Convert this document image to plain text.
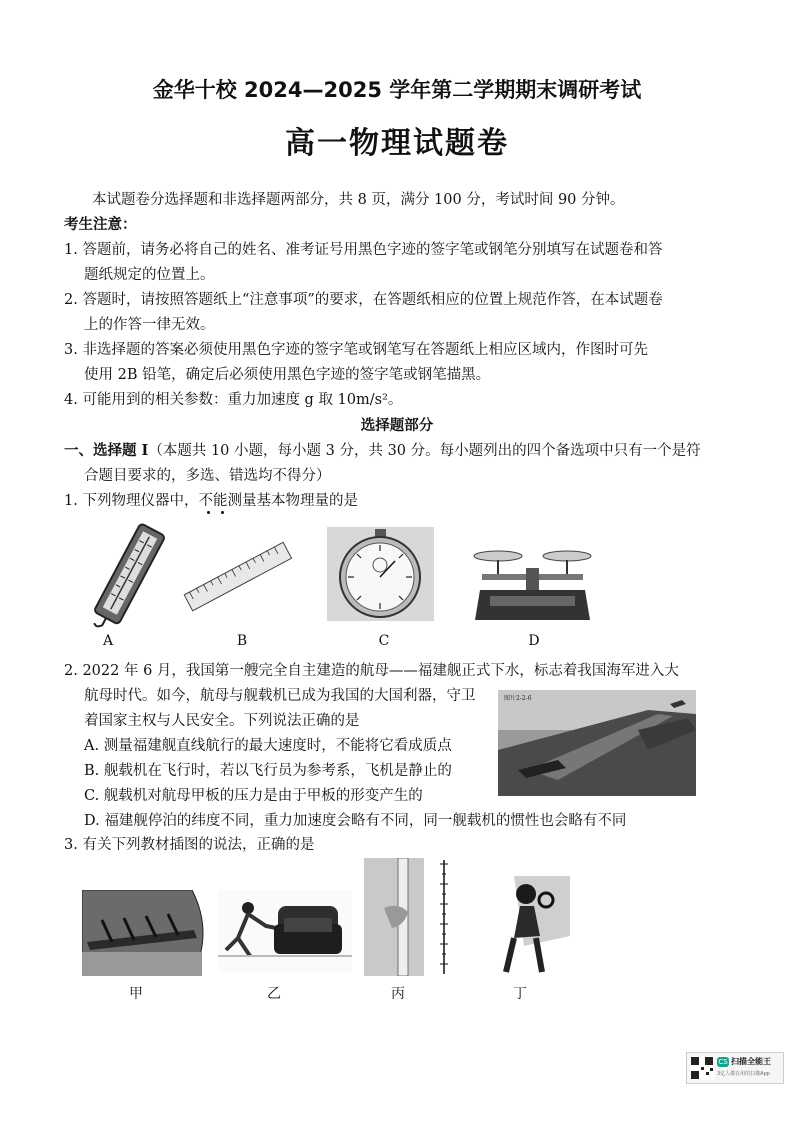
金华十校 2024—2025 学年第二学期期末调研考试
高一物理试题卷
本试题卷分选择题和非选择题两部分，共 8 页，满分 100 分，考试时间 90 分钟。
考生注意：
1. 答题前，请务必将自己的姓名、准考证号用黑色字迹的签字笔或钢笔分别填写在试题卷和答
题纸规定的位置上。
2. 答题时，请按照答题纸上“注意事项”的要求，在答题纸相应的位置上规范作答，在本试题卷
上的作答一律无效。
3. 非选择题的答案必须使用黑色字迹的签字笔或钢笔写在答题纸上相应区域内，作图时可先
使用 2B 铅笔，确定后必须使用黑色字迹的签字笔或钢笔描黑。
4. 可能用到的相关参数：重力加速度 g 取 10m/s²。
选择题部分
一、选择题 Ⅰ（本题共 10 小题，每小题 3 分，共 30 分。每小题列出的四个备选项中只有一个是符
合题目要求的，多选、错选均不得分）
1. 下列物理仪器中，不能测量基本物理量的是
A	B	C	D
2. 2022 年 6 月，我国第一艘完全自主建造的航母——福建舰正式下水，标志着我国海军进入大
航母时代。如今，航母与舰载机已成为我国的大国利器，守卫
着国家主权与人民安全。下列说法正确的是
A. 测量福建舰直线航行的最大速度时，不能将它看成质点
B. 舰载机在飞行时，若以飞行员为参考系，飞机是静止的
C. 舰载机对航母甲板的压力是由于甲板的形变产生的
D. 福建舰停泊的纬度不同，重力加速度会略有不同，同一舰载机的惯性也会略有不同
图片2-2-6
3. 有关下列教材插图的说法，正确的是
甲	乙	丙	丁
CS 扫描全能王
3亿人都在用的扫描App
